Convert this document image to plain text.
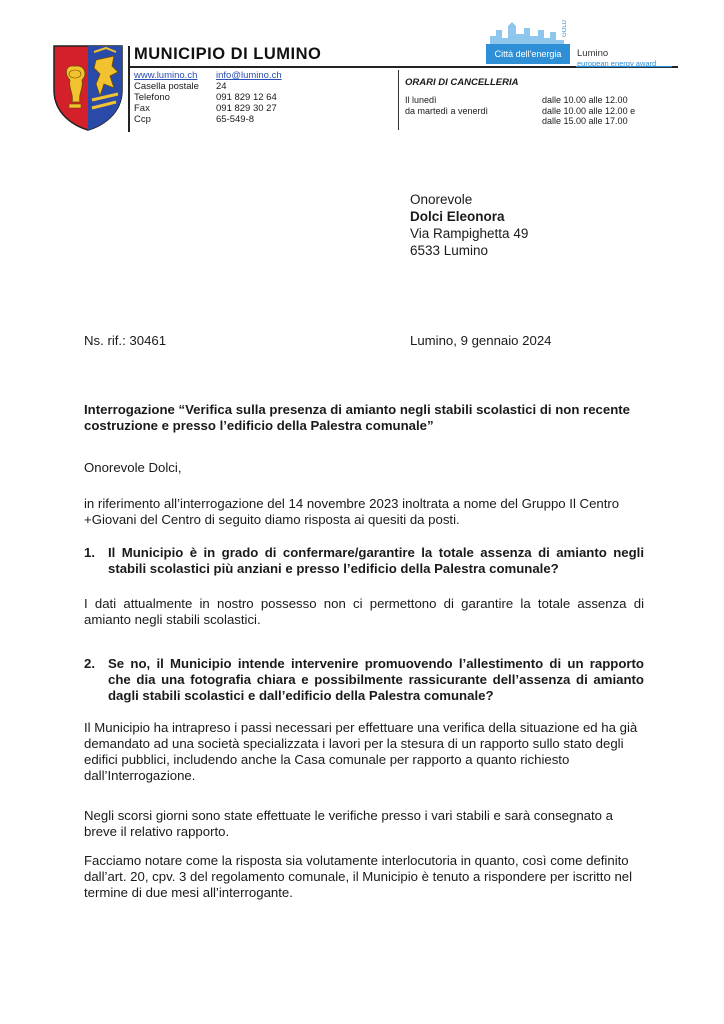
MUNICIPIO DI LUMINO
www.lumino.ch	info@lumino.ch
Casella postale	24
Telefono	091 829 12 64
Fax	091 829 30 27
Ccp	65-549-8
ORARI DI CANCELLERIA
Il lunedì	dalle 10.00 alle 12.00
da martedì a venerdì	dalle 10.00 alle 12.00 e
dalle 15.00 alle 17.00
Città dell'energia
GOLD
Lumino
european energy award
Onorevole
Dolci Eleonora
Via Rampighetta 49
6533 Lumino
Ns. rif.: 30461	Lumino, 9 gennaio 2024
Interrogazione “Verifica sulla presenza di amianto negli stabili scolastici di non recente costruzione e presso l’edificio della Palestra comunale”
Onorevole Dolci,
in riferimento all’interrogazione del 14 novembre 2023 inoltrata a nome del Gruppo Il Centro +Giovani del Centro di seguito diamo risposta ai quesiti da posti.
1. Il Municipio è in grado di confermare/garantire la totale assenza di amianto negli stabili scolastici più anziani e presso l’edificio della Palestra comunale?
I dati attualmente in nostro possesso non ci permettono di garantire la totale assenza di amianto negli stabili scolastici.
2. Se no, il Municipio intende intervenire promuovendo l’allestimento di un rapporto che dia una fotografia chiara e possibilmente rassicurante dell’assenza di amianto dagli stabili scolastici e dall’edificio della Palestra comunale?
Il Municipio ha intrapreso i passi necessari per effettuare una verifica della situazione ed ha già demandato ad una società specializzata i lavori per la stesura di un rapporto sullo stato degli edifici pubblici, includendo anche la Casa comunale per rapporto a quanto richiesto dall’Interrogazione.
Negli scorsi giorni sono state effettuate le verifiche presso i vari stabili e sarà consegnato a breve il relativo rapporto.
Facciamo notare come la risposta sia volutamente interlocutoria in quanto, così come definito dall’art. 20, cpv. 3 del regolamento comunale, il Municipio è tenuto a rispondere per iscritto nel termine di due mesi all’interrogante.
